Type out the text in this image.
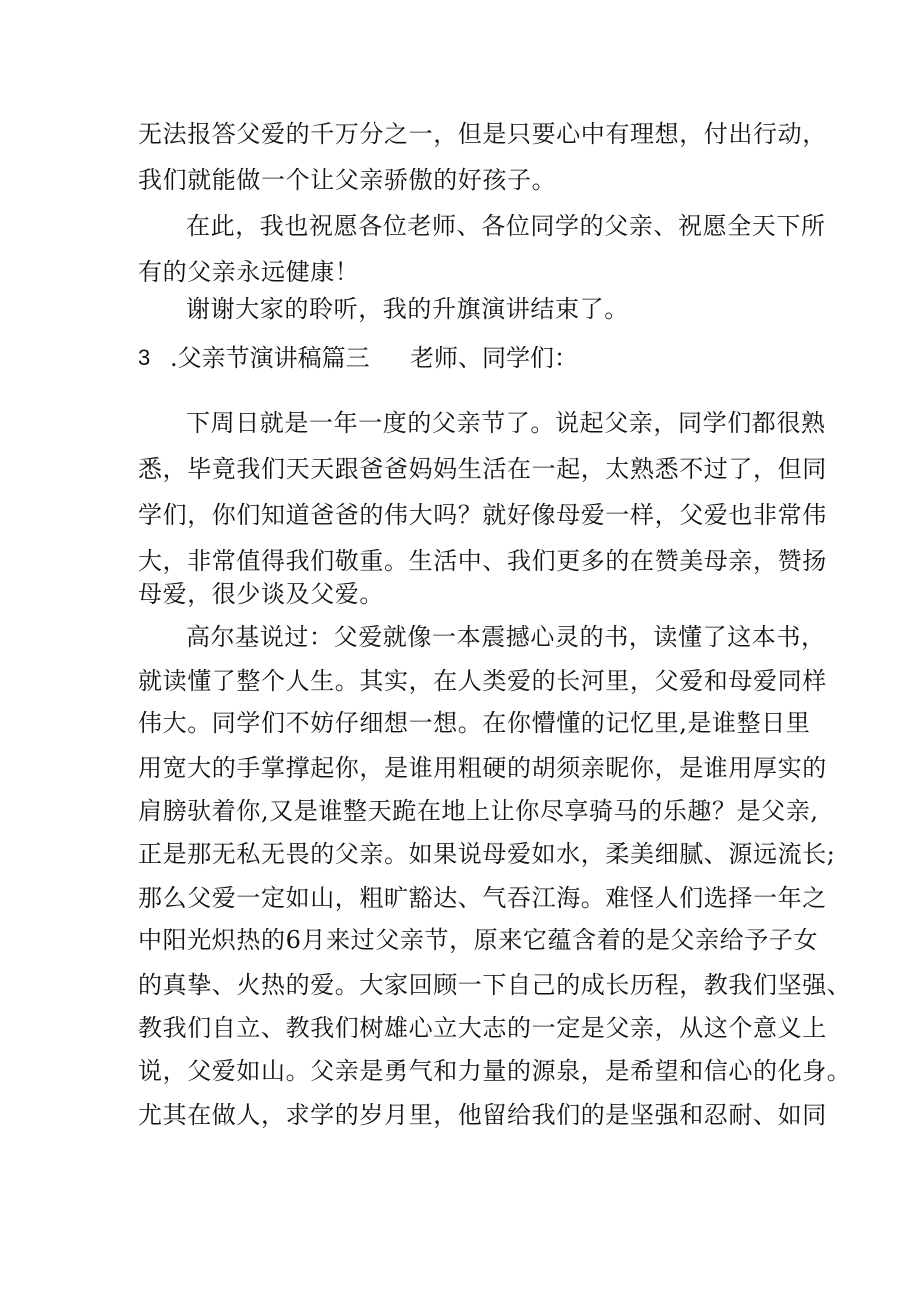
无法报答父爱的千万分之一，但是只要心中有理想，付出行动，
我们就能做一个让父亲骄傲的好孩子。
在此，我也祝愿各位老师、各位同学的父亲、祝愿全天下所
有的父亲永远健康！
谢谢大家的聆听，我的升旗演讲结束了。
3 .父亲节演讲稿篇三 老师、同学们：
下周日就是一年一度的父亲节了。说起父亲，同学们都很熟
悉，毕竟我们天天跟爸爸妈妈生活在一起，太熟悉不过了，但同
学们，你们知道爸爸的伟大吗？就好像母爱一样，父爱也非常伟
大，非常值得我们敬重。生活中、我们更多的在赞美母亲，赞扬
母爱，很少谈及父爱。
高尔基说过：父爱就像一本震撼心灵的书，读懂了这本书，
就读懂了整个人生。其实，在人类爱的长河里，父爱和母爱同样
伟大。同学们不妨仔细想一想。在你懵懂的记忆里,是谁整日里
用宽大的手掌撑起你，是谁用粗硬的胡须亲昵你，是谁用厚实的
肩膀驮着你,又是谁整天跪在地上让你尽享骑马的乐趣？是父亲,
正是那无私无畏的父亲。如果说母爱如水，柔美细腻、源远流长;
那么父爱一定如山，粗旷豁达、气吞江海。难怪人们选择一年之
中阳光炽热的6月来过父亲节，原来它蕴含着的是父亲给予子女
的真挚、火热的爱。大家回顾一下自己的成长历程，教我们坚强、
教我们自立、教我们树雄心立大志的一定是父亲，从这个意义上
说，父爱如山。父亲是勇气和力量的源泉，是希望和信心的化身。
尤其在做人，求学的岁月里，他留给我们的是坚强和忍耐、如同
